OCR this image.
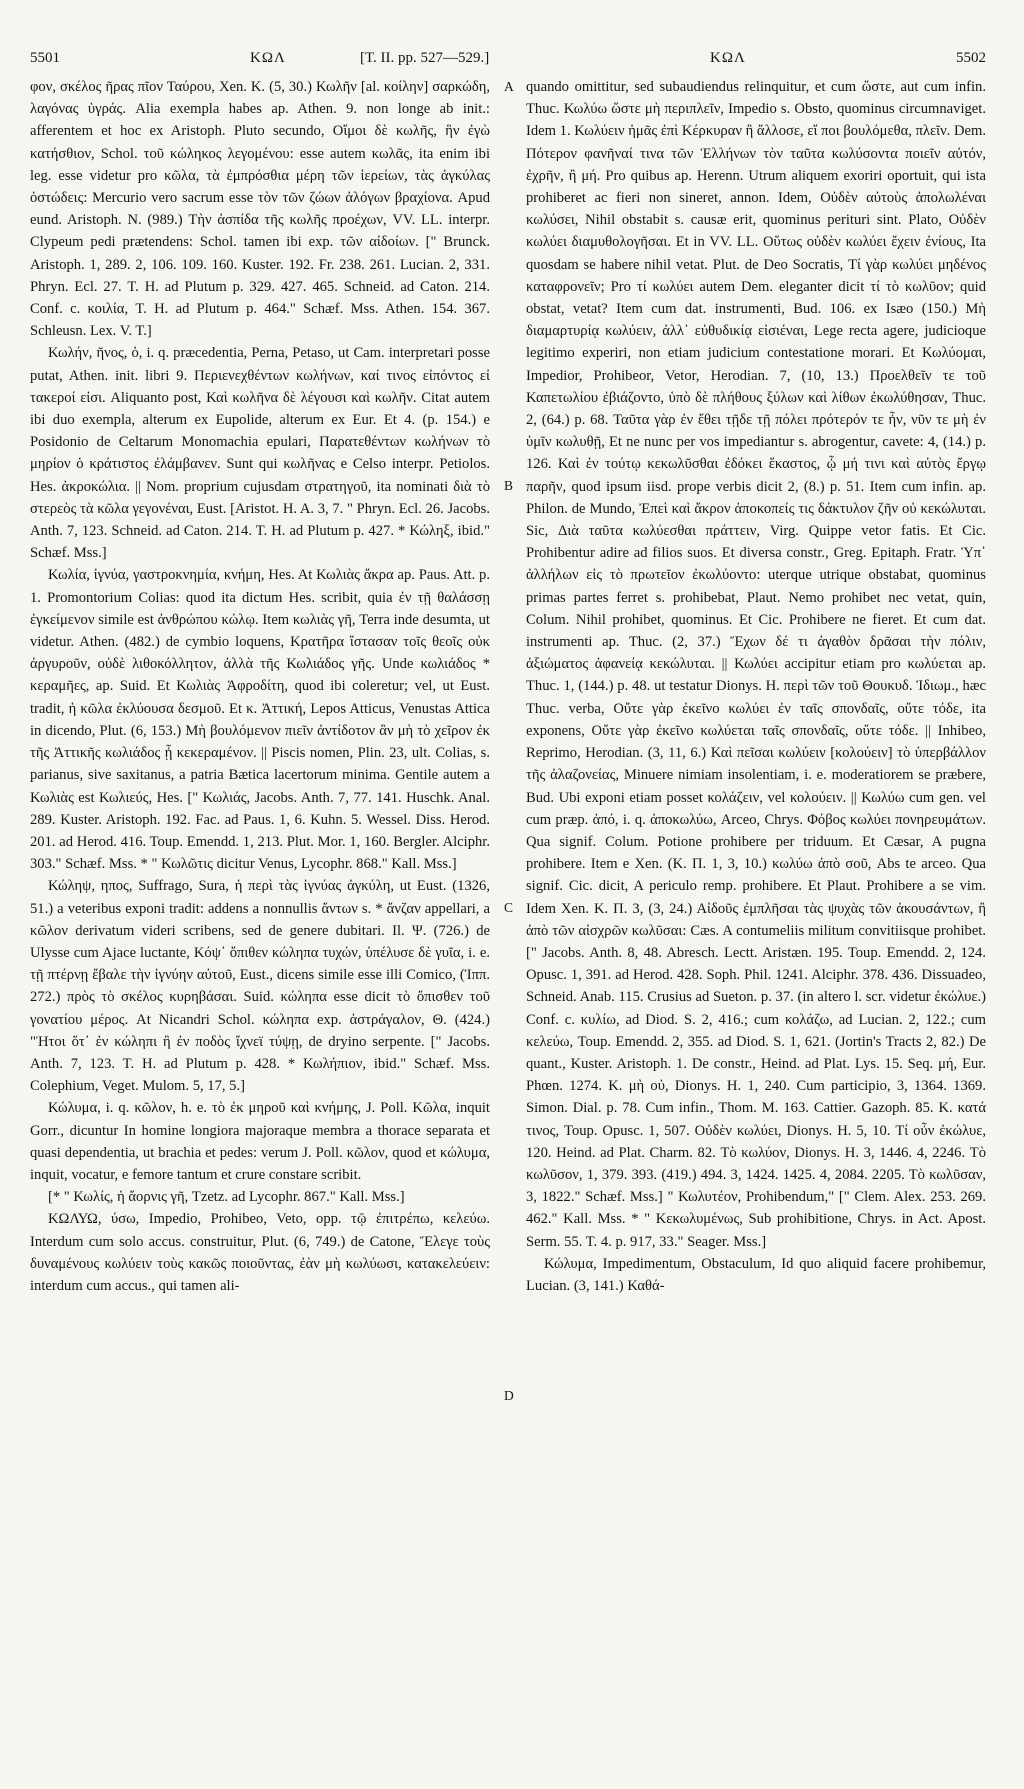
5501	ΚΩΛ	[T. II. pp. 527—529.]	ΚΩΛ	5502

φον, σκέλος ῆρας πῖον Ταύρου, Xen. K. (5, 30.) Κωλῆν [al. κοίλην] σαρκώδη, λαγόνας ὑγράς. Alia exempla habes ap. Athen. 9. non longe ab init.: afferentem et hoc ex Aristoph. Pluto secundo, Οἴμοι δὲ κωλῆς, ἣν ἐγὼ κατήσθιον, Schol. τοῦ κώληκος λεγομένου: esse autem κωλᾶς, ita enim ibi leg. esse videtur pro κῶλα, τὰ ἐμπρόσθια μέρη τῶν ἱερείων, τὰς ἀγκύλας ὀστώδεις: Mercurio vero sacrum esse τὸν τῶν ζώων ἀλόγων βραχίονα. Apud eund. Aristoph. N. (989.) Τὴν ἀσπίδα τῆς κωλῆς προέχων, VV. LL. interpr. Clypeum pedi prætendens: Schol. tamen ibi exp. τῶν αἰδοίων. [" Brunck. Aristoph. 1, 289. 2, 106. 109. 160. Kuster. 192. Fr. 238. 261. Lucian. 2, 331. Phryn. Ecl. 27. T. H. ad Plutum p. 329. 427. 465. Schneid. ad Caton. 214. Conf. c. κοιλία, T. H. ad Plutum p. 464." Schæf. Mss. Athen. 154. 367. Schleusn. Lex. V. T.]

Κωλήν, ῆνος, ὁ, i. q. præcedentia, Perna, Petaso, ut Cam. interpretari posse putat, Athen. init. libri 9. Περιενεχθέντων κωλήνων, καί τινος εἰπόντος εἰ τακεροί εἰσι. Aliquanto post, Καὶ κωλῆνα δὲ λέγουσι καὶ κωλῆν. Citat autem ibi duo exempla, alterum ex Eupolide, alterum ex Eur. Et 4. (p. 154.) e Posidonio de Celtarum Monomachia epulari, Παρατεθέντων κωλήνων τὸ μηρίον ὁ κράτιστος ἐλάμβανεν. Sunt qui κωλῆνας e Celso interpr. Petiolos. Hes. ἀκροκώλια. || Nom. proprium cujusdam στρατηγοῦ, ita nominati διὰ τὸ στερεὸς τὰ κῶλα γεγονέναι, Eust. [Aristot. H. A. 3, 7. " Phryn. Ecl. 26. Jacobs. Anth. 7, 123. Schneid. ad Caton. 214. T. H. ad Plutum p. 427. * Κώληξ, ibid." Schæf. Mss.]

Κωλία, ἰγνύα, γαστροκνημία, κνήμη, Hes. At Κωλιὰς ἄκρα ap. Paus. Att. p. 1. Promontorium Colias: quod ita dictum Hes. scribit, quia ἐν τῇ θαλάσσῃ ἐγκείμενον simile est ἀνθρώπου κώλῳ. Item κωλιὰς γῆ, Terra inde desumta, ut videtur. Athen. (482.) de cymbio loquens, Κρατῆρα ἵστασαν τοῖς θεοῖς οὐκ ἀργυροῦν, οὐδὲ λιθοκόλλητον, ἀλλὰ τῆς Κωλιάδος γῆς. Unde κωλιάδος * κεραμῆες, ap. Suid. Et Κωλιὰς Ἀφροδίτη, quod ibi coleretur; vel, ut Eust. tradit, ἡ κῶλα ἐκλύουσα δεσμοῦ. Et κ. Ἀττική, Lepos Atticus, Venustas Attica in dicendo, Plut. (6, 153.) Μὴ βουλόμενον πιεῖν ἀντίδοτον ἂν μὴ τὸ χεῖρον ἐκ τῆς Ἀττικῆς κωλιάδος ᾖ κεκεραμένον. || Piscis nomen, Plin. 23, ult. Colias, s. parianus, sive saxitanus, a patria Bætica lacertorum minima. Gentile autem a Κωλιὰς est Κωλιεύς, Hes. [" Κωλιάς, Jacobs. Anth. 7, 77. 141. Huschk. Anal. 289. Kuster. Aristoph. 192. Fac. ad Paus. 1, 6. Kuhn. 5. Wessel. Diss. Herod. 201. ad Herod. 416. Toup. Emendd. 1, 213. Plut. Mor. 1, 160. Bergler. Alciphr. 303." Schæf. Mss. * " Κωλῶτις dicitur Venus, Lycophr. 868." Kall. Mss.]

Κώληψ, ηπος, Suffrago, Sura, ἡ περὶ τὰς ἰγνύας ἀγκύλη, ut Eust. (1326, 51.) a veteribus exponi tradit: addens a nonnullis ἄντων s. * ἄνζαν appellari, a κῶλον derivatum videri scribens, sed de genere dubitari. Il. Ψ. (726.) de Ulysse cum Ajace luctante, Κόψ᾽ ὄπιθεν κώληπα τυχών, ὑπέλυσε δὲ γυῖα, i. e. τῇ πτέρνῃ ἔβαλε τὴν ἰγνύην αὐτοῦ, Eust., dicens simile esse illi Comico, (Ἱππ. 272.) πρὸς τὸ σκέλος κυρηβάσαι. Suid. κώληπα esse dicit τὸ ὄπισθεν τοῦ γονατίου μέρος. At Nicandri Schol. κώληπα exp. ἀστράγαλον, Θ. (424.) "Ἠτοι ὅτ᾽ ἐν κώληπι ἢ ἐν ποδὸς ἴχνεϊ τύψῃ, de dryino serpente. [" Jacobs. Anth. 7, 123. T. H. ad Plutum p. 428. * Κωλήπιον, ibid." Schæf. Mss. Colephium, Veget. Mulom. 5, 17, 5.]

Κώλυμα, i. q. κῶλον, h. e. τὸ ἐκ μηροῦ καὶ κνήμης, J. Poll. Κῶλα, inquit Gorr., dicuntur In homine longiora majoraque membra a thorace separata et quasi dependentia, ut brachia et pedes: verum J. Poll. κῶλον, quod et κώλυμα, inquit, vocatur, e femore tantum et crure constare scribit.

[* " Κωλίς, ἡ ἄορνις γῆ, Tzetz. ad Lycophr. 867." Kall. Mss.]

ΚΩΛΥΩ, ύσω, Impedio, Prohibeo, Veto, opp. τῷ ἐπιτρέπω, κελεύω. Interdum cum solo accus. construitur, Plut. (6, 749.) de Catone, Ἔλεγε τοὺς δυναμένους κωλύειν τοὺς κακῶς ποιοῦντας, ἐὰν μὴ κωλύωσι, κατακελεύειν: interdum cum accus., qui tamen ali-

A
B
C
D

quando omittitur, sed subaudiendus relinquitur, et cum ὥστε, aut cum infin. Thuc. Κωλύω ὥστε μὴ περιπλεῖν, Impedio s. Obsto, quominus circumnaviget. Idem 1. Κωλύειν ἡμᾶς ἐπὶ Κέρκυραν ἢ ἄλλοσε, εἴ ποι βουλόμεθα, πλεῖν. Dem. Πότερον φανῆναί τινα τῶν Ἑλλήνων τὸν ταῦτα κωλύσοντα ποιεῖν αὐτόν, ἐχρῆν, ἢ μή. Pro quibus ap. Herenn. Utrum aliquem exoriri oportuit, qui ista prohiberet ac fieri non sineret, annon. Idem, Οὐδὲν αὐτοὺς ἀπολωλέναι κωλύσει, Nihil obstabit s. causæ erit, quominus perituri sint. Plato, Οὐδὲν κωλύει διαμυθολογῆσαι. Et in VV. LL. Οὕτως οὐδὲν κωλύει ἔχειν ἐνίους, Ita quosdam se habere nihil vetat. Plut. de Deo Socratis, Τί γὰρ κωλύει μηδένος καταφρονεῖν; Pro τί κωλύει autem Dem. eleganter dicit τί τὸ κωλῦον; quid obstat, vetat? Item cum dat. instrumenti, Bud. 106. ex Isæo (150.) Μὴ διαμαρτυρίᾳ κωλύειν, ἀλλ᾽ εὐθυδικίᾳ εἰσιέναι, Lege recta agere, judicioque legitimo experiri, non etiam judicium contestatione morari. Et Κωλύομαι, Impedior, Prohibeor, Vetor, Herodian. 7, (10, 13.) Προελθεῖν τε τοῦ Καπετωλίου ἐβιάζοντο, ὑπὸ δὲ πλήθους ξύλων καὶ λίθων ἐκωλύθησαν, Thuc. 2, (64.) p. 68. Ταῦτα γὰρ ἐν ἔθει τῇδε τῇ πόλει πρότερόν τε ἦν, νῦν τε μὴ ἐν ὑμῖν κωλυθῇ, Et ne nunc per vos impediantur s. abrogentur, cavete: 4, (14.) p. 126. Καὶ ἐν τούτῳ κεκωλῦσθαι ἐδόκει ἕκαστος, ᾧ μή τινι καὶ αὐτὸς ἔργῳ παρῆν, quod ipsum iisd. prope verbis dicit 2, (8.) p. 51. Item cum infin. ap. Philon. de Mundo, Ἐπεὶ καὶ ἄκρον ἀποκοπείς τις δάκτυλον ζῆν οὐ κεκώλυται. Sic, Διὰ ταῦτα κωλύεσθαι πράττειν, Virg. Quippe vetor fatis. Et Cic. Prohibentur adire ad filios suos. Et diversa constr., Greg. Epitaph. Fratr. Ὑπ᾽ ἀλλήλων εἰς τὸ πρωτεῖον ἐκωλύοντο: uterque utrique obstabat, quominus primas partes ferret s. prohibebat, Plaut. Nemo prohibet nec vetat, quin, Colum. Nihil prohibet, quominus. Et Cic. Prohibere ne fieret. Et cum dat. instrumenti ap. Thuc. (2, 37.) Ἔχων δέ τι ἀγαθὸν δρᾶσαι τὴν πόλιν, ἀξιώματος ἀφανείᾳ κεκώλυται. || Κωλύει accipitur etiam pro κωλύεται ap. Thuc. 1, (144.) p. 48. ut testatur Dionys. H. περὶ τῶν τοῦ Θουκυδ. Ἰδιωμ., hæc Thuc. verba, Οὔτε γὰρ ἐκεῖνο κωλύει ἐν ταῖς σπονδαῖς, οὔτε τόδε, ita exponens, Οὔτε γὰρ ἐκεῖνο κωλύεται ταῖς σπονδαῖς, οὔτε τόδε. || Inhibeo, Reprimo, Herodian. (3, 11, 6.) Καὶ πεῖσαι κωλύειν [κολούειν] τὸ ὑπερβάλλον τῆς ἀλαζονείας, Minuere nimiam insolentiam, i. e. moderatiorem se præbere, Bud. Ubi exponi etiam posset κολάζειν, vel κολούειν. || Κωλύω cum gen. vel cum præp. ἀπό, i. q. ἀποκωλύω, Arceo, Chrys. Φόβος κωλύει πονηρευμάτων. Qua signif. Colum. Potione prohibere per triduum. Et Cæsar, A pugna prohibere. Item e Xen. (K. Π. 1, 3, 10.) κωλύω ἀπὸ σοῦ, Abs te arceo. Qua signif. Cic. dicit, A periculo remp. prohibere. Et Plaut. Prohibere a se vim. Idem Xen. K. Π. 3, (3, 24.) Αἰδοῦς ἐμπλῆσαι τὰς ψυχὰς τῶν ἀκουσάντων, ἢ ἀπὸ τῶν αἰσχρῶν κωλῦσαι: Cæs. A contumeliis militum convitiisque prohibet. [" Jacobs. Anth. 8, 48. Abresch. Lectt. Aristæn. 195. Toup. Emendd. 2, 124. Opusc. 1, 391. ad Herod. 428. Soph. Phil. 1241. Alciphr. 378. 436. Dissuadeo, Schneid. Anab. 115. Crusius ad Sueton. p. 37. (in altero l. scr. videtur ἐκώλυε.) Conf. c. κυλίω, ad Diod. S. 2, 416.; cum κολάζω, ad Lucian. 2, 122.; cum κελεύω, Toup. Emendd. 2, 355. ad Diod. S. 1, 621. (Jortin's Tracts 2, 82.) De quant., Kuster. Aristoph. 1. De constr., Heind. ad Plat. Lys. 15. Seq. μή, Eur. Phœn. 1274. K. μὴ οὐ, Dionys. H. 1, 240. Cum participio, 3, 1364. 1369. Simon. Dial. p. 78. Cum infin., Thom. M. 163. Cattier. Gazoph. 85. K. κατά τινος, Toup. Opusc. 1, 507. Οὐδὲν κωλύει, Dionys. H. 5, 10. Τί οὖν ἐκώλυε, 120. Heind. ad Plat. Charm. 82. Τὸ κωλύον, Dionys. H. 3, 1446. 4, 2246. Τὸ κωλῦσον, 1, 379. 393. (419.) 494. 3, 1424. 1425. 4, 2084. 2205. Τὸ κωλῦσαν, 3, 1822." Schæf. Mss.] " Κωλυτέον, Prohibendum," [" Clem. Alex. 253. 269. 462." Kall. Mss. * " Κεκωλυμένως, Sub prohibitione, Chrys. in Act. Apost. Serm. 55. T. 4. p. 917, 33." Seager. Mss.]

Κώλυμα, Impedimentum, Obstaculum, Id quo aliquid facere prohibemur, Lucian. (3, 141.) Καθά-
